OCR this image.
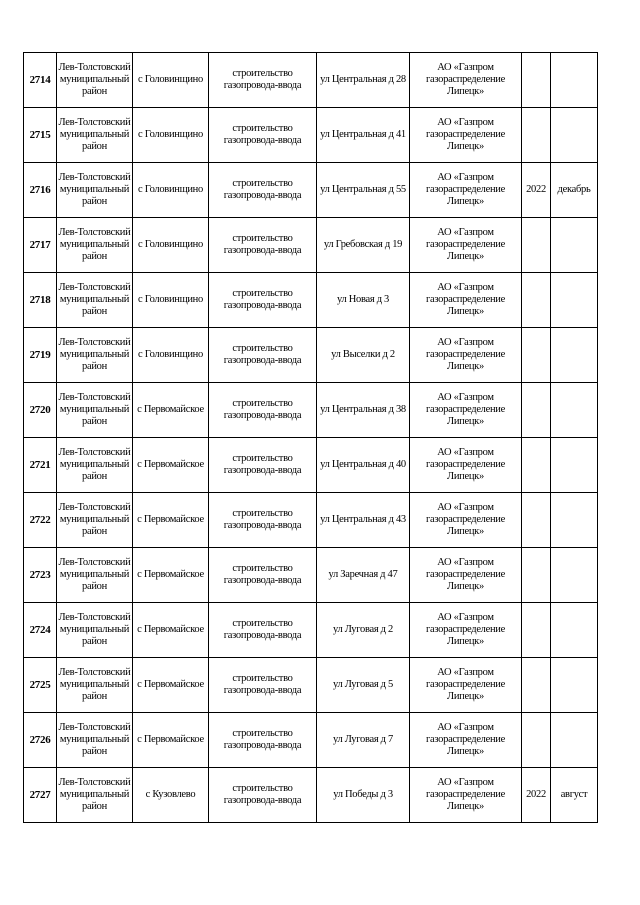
2714	Лев-Толстовский муниципальный район	с Головинщино	строительство газопровода-ввода	ул Центральная д 28	АО «Газпром газораспределение Липецк»		
2715	Лев-Толстовский муниципальный район	с Головинщино	строительство газопровода-ввода	ул Центральная д 41	АО «Газпром газораспределение Липецк»		
2716	Лев-Толстовский муниципальный район	с Головинщино	строительство газопровода-ввода	ул Центральная д 55	АО «Газпром газораспределение Липецк»	2022	декабрь
2717	Лев-Толстовский муниципальный район	с Головинщино	строительство газопровода-ввода	ул Гребовская д 19	АО «Газпром газораспределение Липецк»		
2718	Лев-Толстовский муниципальный район	с Головинщино	строительство газопровода-ввода	ул Новая д 3	АО «Газпром газораспределение Липецк»		
2719	Лев-Толстовский муниципальный район	с Головинщино	строительство газопровода-ввода	ул Выселки д 2	АО «Газпром газораспределение Липецк»		
2720	Лев-Толстовский муниципальный район	с Первомайское	строительство газопровода-ввода	ул Центральная д 38	АО «Газпром газораспределение Липецк»		
2721	Лев-Толстовский муниципальный район	с Первомайское	строительство газопровода-ввода	ул Центральная д 40	АО «Газпром газораспределение Липецк»		
2722	Лев-Толстовский муниципальный район	с Первомайское	строительство газопровода-ввода	ул Центральная д 43	АО «Газпром газораспределение Липецк»		
2723	Лев-Толстовский муниципальный район	с Первомайское	строительство газопровода-ввода	ул Заречная д 47	АО «Газпром газораспределение Липецк»		
2724	Лев-Толстовский муниципальный район	с Первомайское	строительство газопровода-ввода	ул Луговая д 2	АО «Газпром газораспределение Липецк»		
2725	Лев-Толстовский муниципальный район	с Первомайское	строительство газопровода-ввода	ул Луговая д 5	АО «Газпром газораспределение Липецк»		
2726	Лев-Толстовский муниципальный район	с Первомайское	строительство газопровода-ввода	ул Луговая д 7	АО «Газпром газораспределение Липецк»		
2727	Лев-Толстовский муниципальный район	с Кузовлево	строительство газопровода-ввода	ул Победы д 3	АО «Газпром газораспределение Липецк»	2022	август
